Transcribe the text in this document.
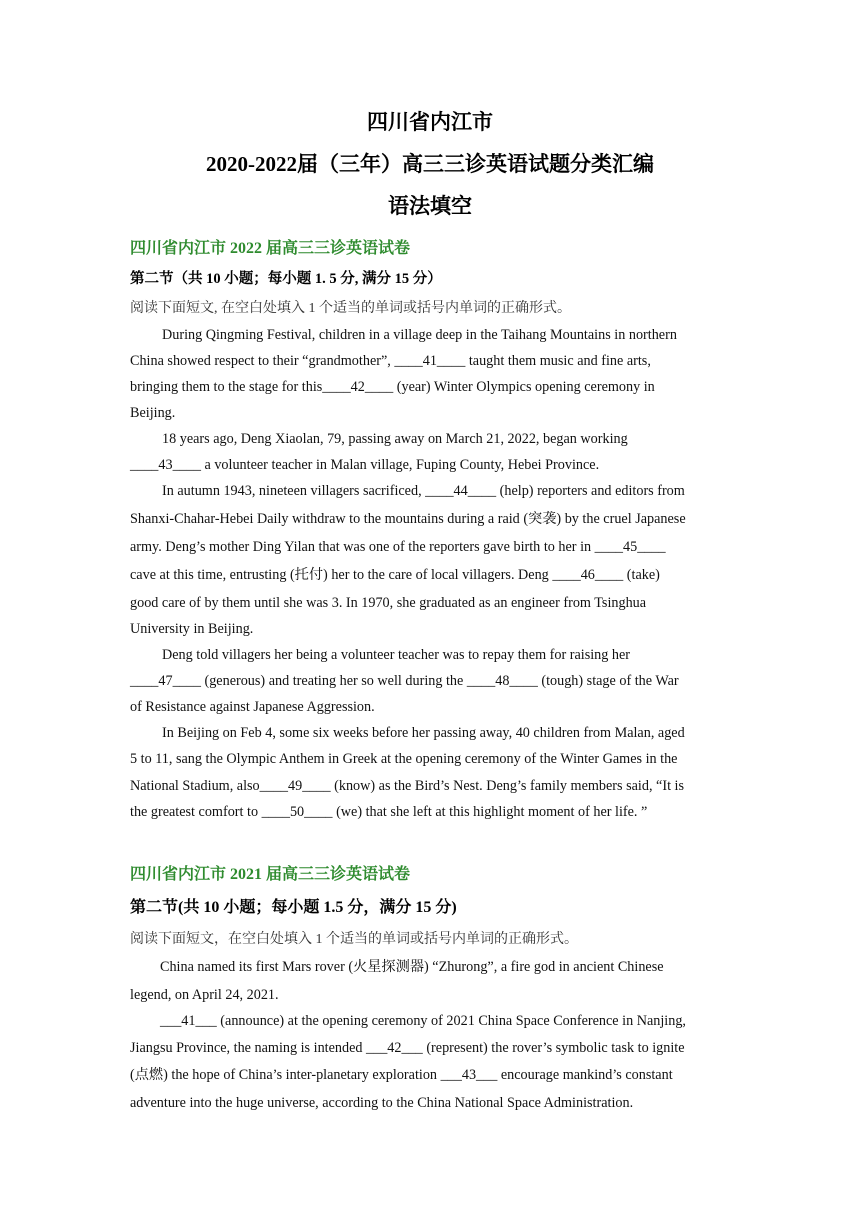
四川省内江市
2020-2022届（三年）高三三诊英语试题分类汇编
语法填空
四川省内江市 2022 届高三三诊英语试卷
第二节（共 10 小题；每小题 1. 5 分, 满分 15 分）
阅读下面短文, 在空白处填入 1 个适当的单词或括号内单词的正确形式。
During Qingming Festival, children in a village deep in the Taihang Mountains in northern
China showed respect to their “grandmother”, ____41____ taught them music and fine arts,
bringing them to the stage for this____42____ (year) Winter Olympics opening ceremony in
Beijing.
18 years ago, Deng Xiaolan, 79, passing away on March 21, 2022, began working
____43____ a volunteer teacher in Malan village, Fuping County, Hebei Province.
In autumn 1943, nineteen villagers sacrificed, ____44____ (help) reporters and editors from
Shanxi-Chahar-Hebei Daily withdraw to the mountains during a raid (突袭) by the cruel Japanese
army. Deng’s mother Ding Yilan that was one of the reporters gave birth to her in ____45____
cave at this time, entrusting (托付) her to the care of local villagers. Deng ____46____ (take)
good care of by them until she was 3. In 1970, she graduated as an engineer from Tsinghua
University in Beijing.
Deng told villagers her being a volunteer teacher was to repay them for raising her
____47____ (generous) and treating her so well during the ____48____ (tough) stage of the War
of Resistance against Japanese Aggression.
In Beijing on Feb 4, some six weeks before her passing away, 40 children from Malan, aged
5 to 11, sang the Olympic Anthem in Greek at the opening ceremony of the Winter Games in the
National Stadium, also____49____ (know) as the Bird’s Nest. Deng’s family members said, “It is
the greatest comfort to ____50____ (we) that she left at this highlight moment of her life. ”
四川省内江市 2021 届高三三诊英语试卷
第二节(共 10 小题；每小题 1.5 分，满分 15 分)
阅读下面短文，在空白处填入 1 个适当的单词或括号内单词的正确形式。
China named its first Mars rover (火星探测器) “Zhurong”, a fire god in ancient Chinese
legend, on April 24, 2021.
___41___ (announce) at the opening ceremony of 2021 China Space Conference in Nanjing,
Jiangsu Province, the naming is intended ___42___ (represent) the rover’s symbolic task to ignite
(点燃) the hope of China’s inter-planetary exploration ___43___ encourage mankind’s constant
adventure into the huge universe, according to the China National Space Administration.
